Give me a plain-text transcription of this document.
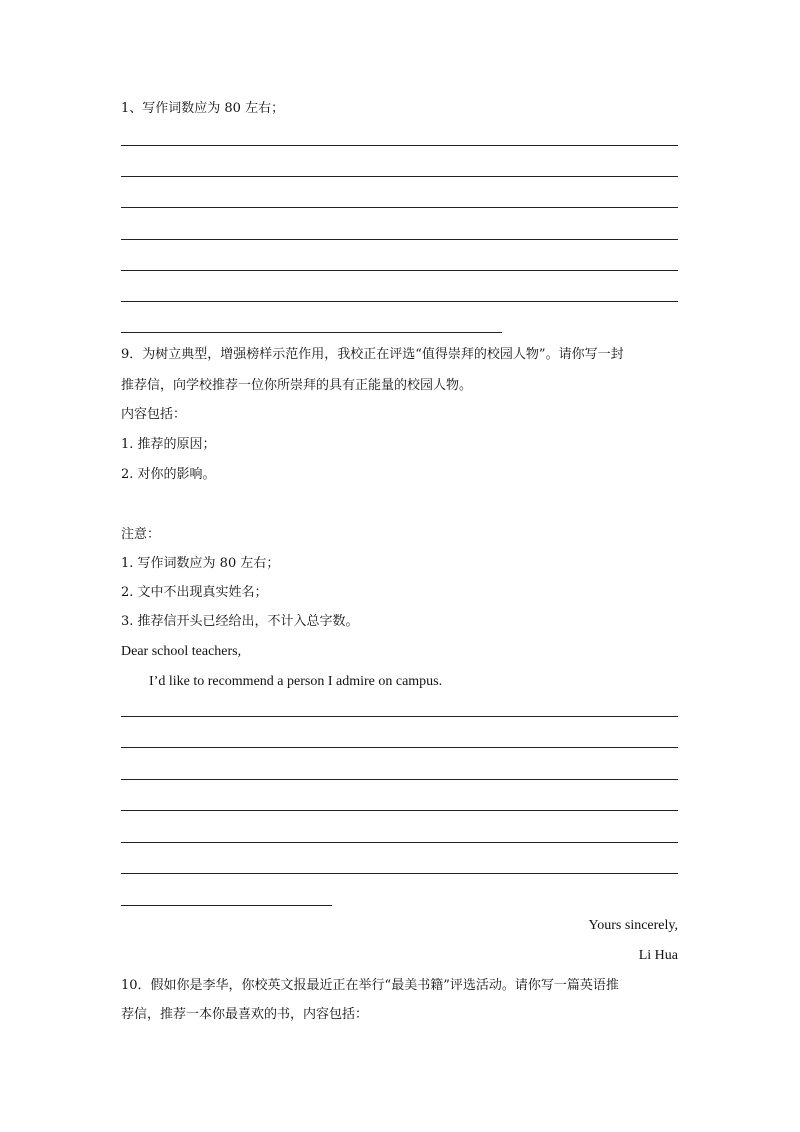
1、写作词数应为 80 左右；
9．为树立典型，增强榜样示范作用，我校正在评选“值得崇拜的校园人物”。请你写一封
推荐信，向学校推荐一位你所崇拜的具有正能量的校园人物。
内容包括：
1. 推荐的原因；
2. 对你的影响。
注意：
1. 写作词数应为 80 左右；
2. 文中不出现真实姓名；
3. 推荐信开头已经给出，不计入总字数。
Dear school teachers,
I’d like to recommend a person I admire on campus.
Yours sincerely,
Li Hua
10．假如你是李华，你校英文报最近正在举行“最美书籍”评选活动。请你写一篇英语推
荐信，推荐一本你最喜欢的书，内容包括：
